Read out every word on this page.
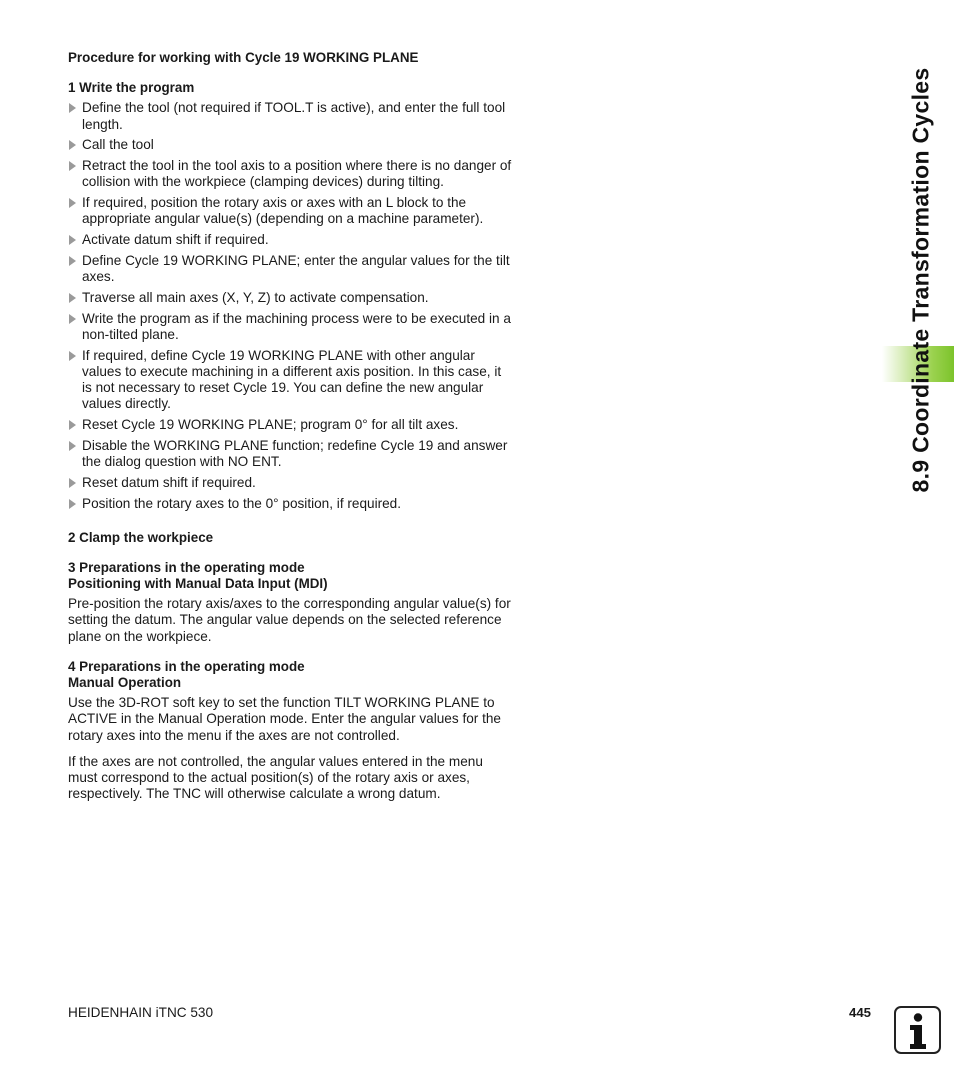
Procedure for working with Cycle 19 WORKING PLANE
1 Write the program
Define the tool (not required if TOOL.T is active), and enter the full tool length.
Call the tool
Retract the tool in the tool axis to a position where there is no danger of collision with the workpiece (clamping devices) during tilting.
If required, position the rotary axis or axes with an L block to the appropriate angular value(s) (depending on a machine parameter).
Activate datum shift if required.
Define Cycle 19 WORKING PLANE; enter the angular values for the tilt axes.
Traverse all main axes (X, Y, Z) to activate compensation.
Write the program as if the machining process were to be executed in a non-tilted plane.
If required, define Cycle 19 WORKING PLANE with other angular values to execute machining in a different axis position. In this case, it is not necessary to reset Cycle 19. You can define the new angular values directly.
Reset Cycle 19 WORKING PLANE; program 0° for all tilt axes.
Disable the WORKING PLANE function; redefine Cycle 19 and answer the dialog question with NO ENT.
Reset datum shift if required.
Position the rotary axes to the 0° position, if required.
2 Clamp the workpiece
3 Preparations in the operating mode
Positioning with Manual Data Input (MDI)

Pre-position the rotary axis/axes to the corresponding angular value(s) for setting the datum. The angular value depends on the selected reference plane on the workpiece.

4 Preparations in the operating mode
Manual Operation

Use the 3D-ROT soft key to set the function TILT WORKING PLANE to ACTIVE in the Manual Operation mode. Enter the angular values for the rotary axes into the menu if the axes are not controlled.

If the axes are not controlled, the angular values entered in the menu must correspond to the actual position(s) of the rotary axis or axes, respectively. The TNC will otherwise calculate a wrong datum.

8.9 Coordinate Transformation Cycles
HEIDENHAIN iTNC 530	445
